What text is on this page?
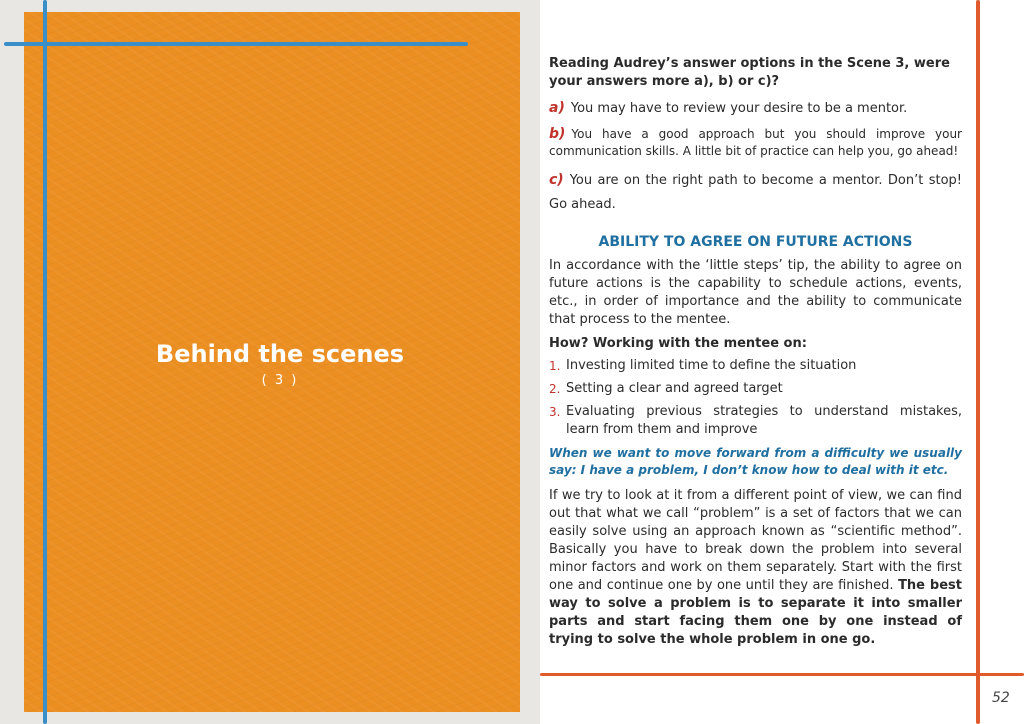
Behind the scenes
( 3 )

Reading Audrey’s answer options in the Scene 3, were your answers more a), b) or c)?

a) You may have to review your desire to be a mentor.

b) You have a good approach but you should improve your communication skills. A little bit of practice can help you, go ahead!

c) You are on the right path to become a mentor. Don’t stop! Go ahead.

ABILITY TO AGREE ON FUTURE ACTIONS

In accordance with the ‘little steps’ tip, the ability to agree on future actions is the capability to schedule actions, events, etc., in order of importance and the ability to communicate that process to the mentee.

How? Working with the mentee on:

1. Investing limited time to define the situation
2. Setting a clear and agreed target
3. Evaluating previous strategies to understand mistakes, learn from them and improve

When we want to move forward from a difficulty we usually say: I have a problem, I don’t know how to deal with it etc.

If we try to look at it from a different point of view, we can find out that what we call “problem” is a set of factors that we can easily solve using an approach known as “scientific method”. Basically you have to break down the problem into several minor factors and work on them separately. Start with the first one and continue one by one until they are finished. The best way to solve a problem is to separate it into smaller parts and start facing them one by one instead of trying to solve the whole problem in one go.

52
